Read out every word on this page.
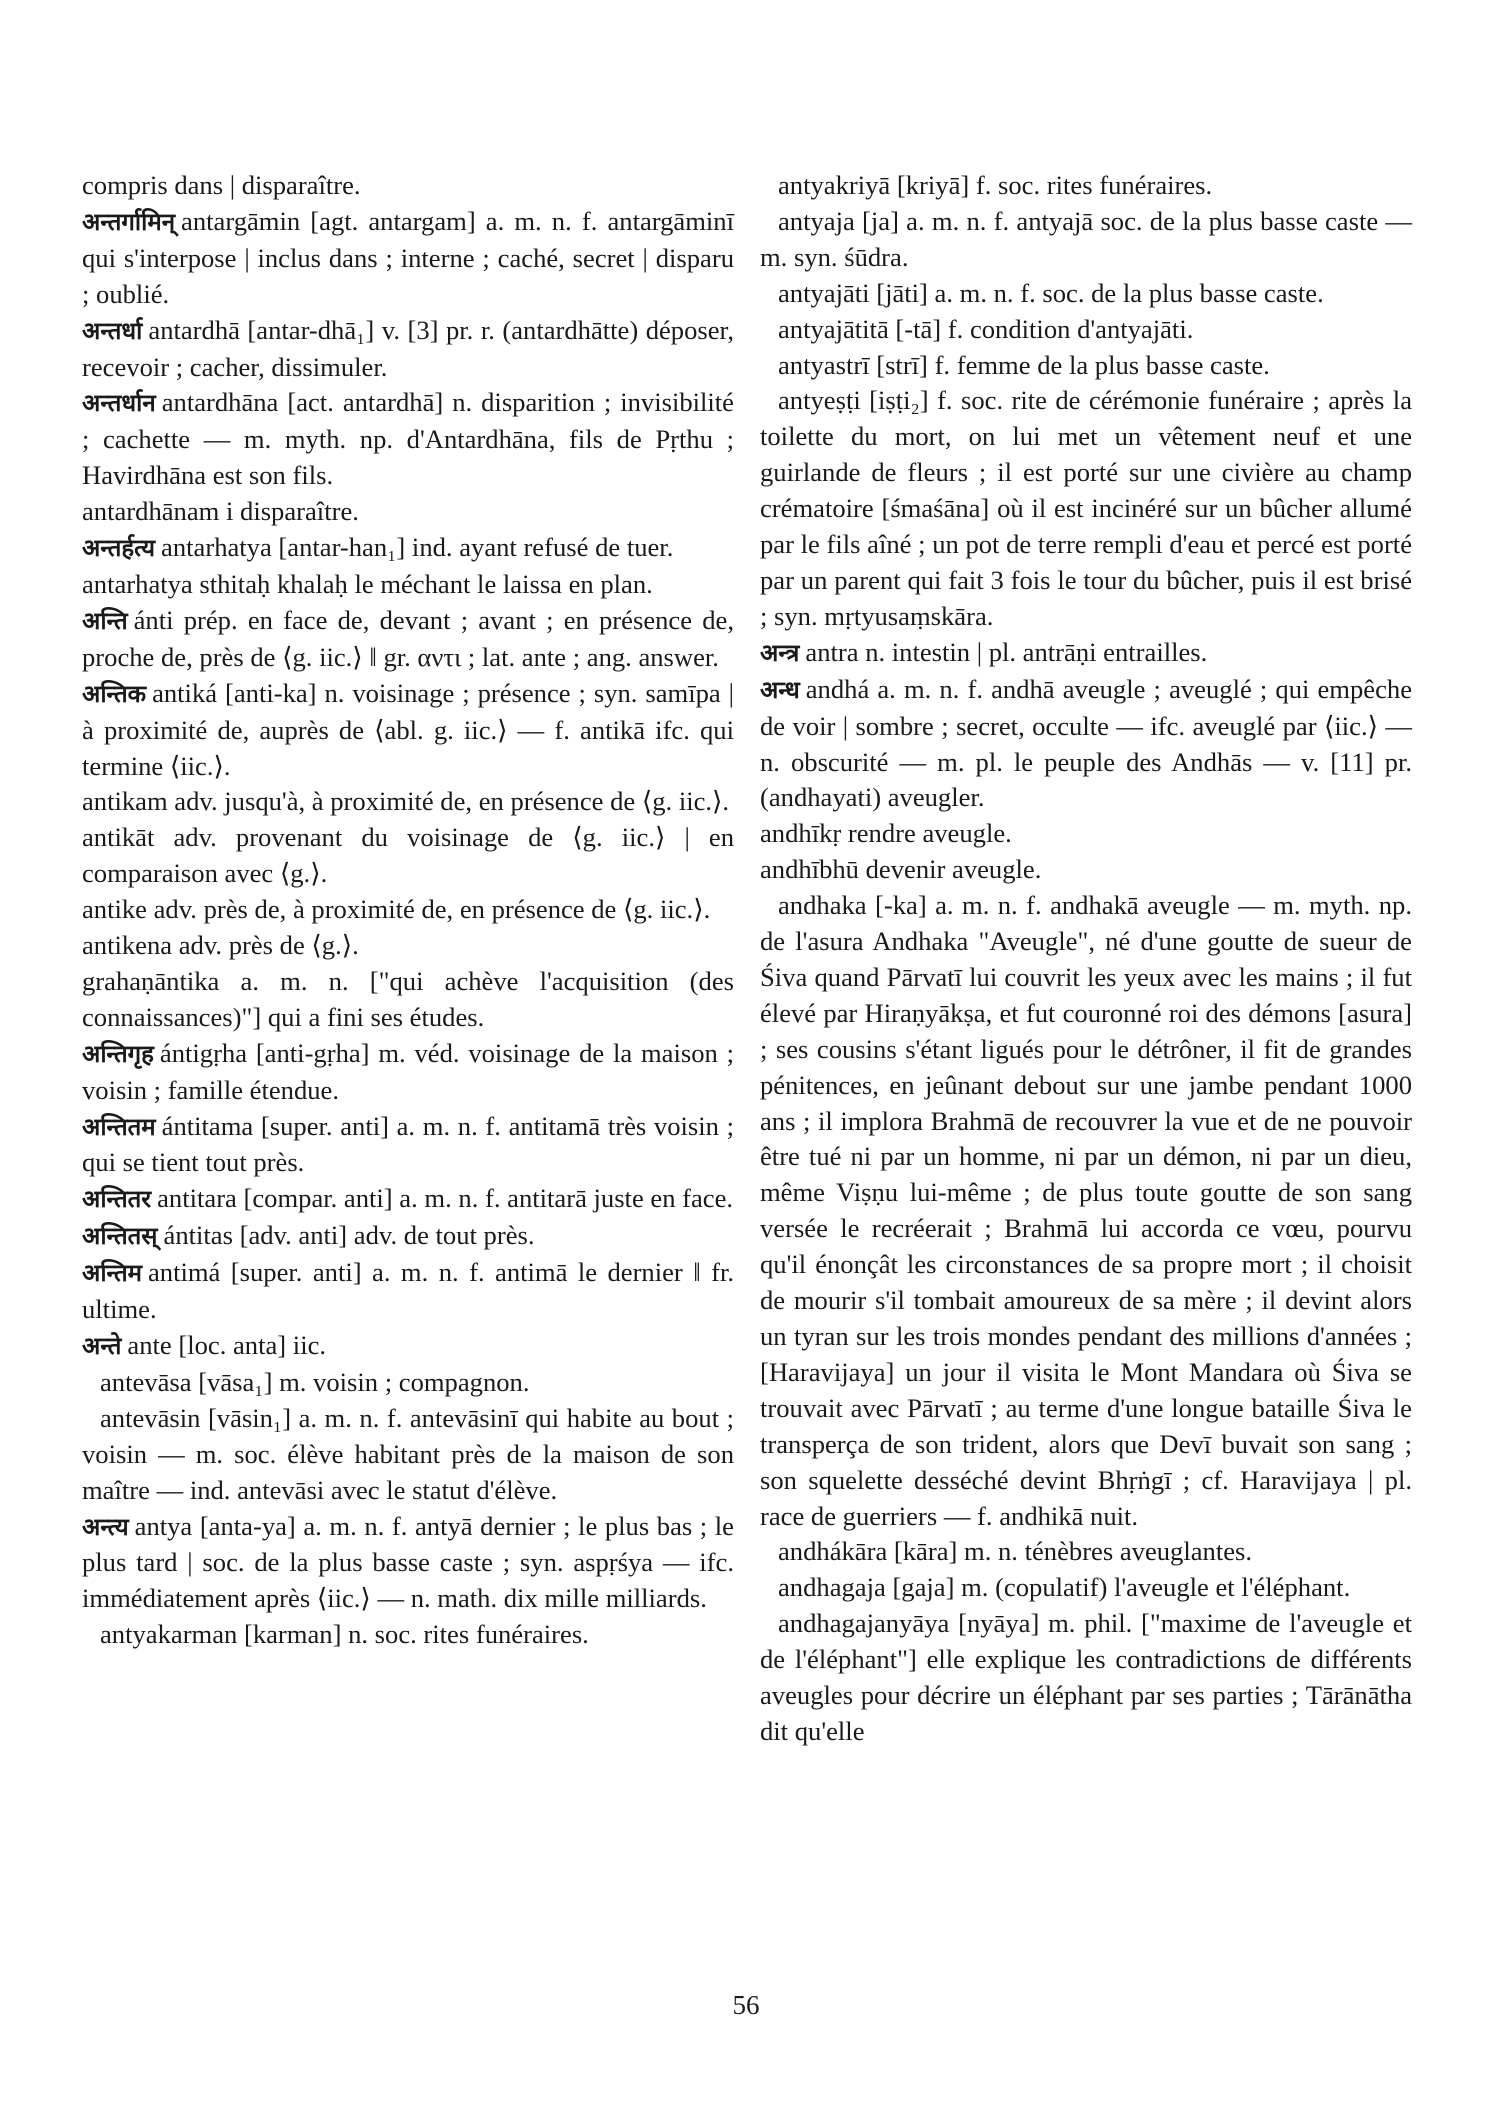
compris dans | disparaître.

अन्तर्गामिन् antargāmin [agt. antargam] a. m. n. f. antargāminī qui s'interpose | inclus dans ; interne ; caché, secret | disparu ; oublié.

अन्तर्धा antardhā [antar-dhā₁] v. [3] pr. r. (antardhātte) déposer, recevoir ; cacher, dissimuler.

अन्तर्धान antardhāna [act. antardhā] n. disparition ; invisibilité ; cachette — m. myth. np. d'Antardhāna, fils de Pṛthu ; Havirdhāna est son fils.

antardhānam i disparaître.

अन्तर्हत्य antarhatya [antar-han₁] ind. ayant refusé de tuer.

antarhatya sthitaḥ khalaḥ le méchant le laissa en plan.

अन्ति ánti prép. en face de, devant ; avant ; en présence de, proche de, près de ⟨g. iic.⟩ ‖ gr. αντι ; lat. ante ; ang. answer.

अन्तिक antiká [anti-ka] n. voisinage ; présence ; syn. samīpa | à proximité de, auprès de ⟨abl. g. iic.⟩ — f. antikā ifc. qui termine ⟨iic.⟩.

antikam adv. jusqu'à, à proximité de, en présence de ⟨g. iic.⟩.

antikāt adv. provenant du voisinage de ⟨g. iic.⟩ | en comparaison avec ⟨g.⟩.

antike adv. près de, à proximité de, en présence de ⟨g. iic.⟩.

antikena adv. près de ⟨g.⟩.

grahaṇāntika a. m. n. ["qui achève l'acquisition (des connaissances)"] qui a fini ses études.

अन्तिगृह ántigṛha [anti-gṛha] m. véd. voisinage de la maison ; voisin ; famille étendue.

अन्तितम ántitama [super. anti] a. m. n. f. antitamā très voisin ; qui se tient tout près.

अन्तितर antitara [compar. anti] a. m. n. f. antitarā juste en face.

अन्तितस् ántitas [adv. anti] adv. de tout près.

अन्तिम antimá [super. anti] a. m. n. f. antimā le dernier ‖ fr. ultime.

अन्ते ante [loc. anta] iic.

antevāsa [vāsa₁] m. voisin ; compagnon.

antevāsin [vāsin₁] a. m. n. f. antevāsinī qui habite au bout ; voisin — m. soc. élève habitant près de la maison de son maître — ind. antevāsi avec le statut d'élève.

अन्त्य antya [anta-ya] a. m. n. f. antyā dernier ; le plus bas ; le plus tard | soc. de la plus basse caste ; syn. aspṛśya — ifc. immédiatement après ⟨iic.⟩ — n. math. dix mille milliards.

antyakarman [karman] n. soc. rites funéraires.

antyakriyā [kriyā] f. soc. rites funéraires.

antyaja [ja] a. m. n. f. antyajā soc. de la plus basse caste — m. syn. śūdra.

antyajāti [jāti] a. m. n. f. soc. de la plus basse caste.

antyajātitā [-tā] f. condition d'antyajāti.

antyastrī [strī] f. femme de la plus basse caste.

antyeṣṭi [iṣṭi₂] f. soc. rite de cérémonie funéraire ; après la toilette du mort, on lui met un vêtement neuf et une guirlande de fleurs ; il est porté sur une civière au champ crématoire [śmaśāna] où il est incinéré sur un bûcher allumé par le fils aîné ; un pot de terre rempli d'eau et percé est porté par un parent qui fait 3 fois le tour du bûcher, puis il est brisé ; syn. mṛtyusaṃskāra.

अन्त्र antra n. intestin | pl. antrāṇi entrailles.

अन्ध andhá a. m. n. f. andhā aveugle ; aveuglé ; qui empêche de voir | sombre ; secret, occulte — ifc. aveuglé par ⟨iic.⟩ — n. obscurité — m. pl. le peuple des Andhās — v. [11] pr. (andhayati) aveugler.

andhīkṛ rendre aveugle.

andhībhū devenir aveugle.

andhaka [-ka] a. m. n. f. andhakā aveugle — m. myth. np. de l'asura Andhaka "Aveugle", né d'une goutte de sueur de Śiva quand Pārvatī lui couvrit les yeux avec les mains ; il fut élevé par Hiraṇyākṣa, et fut couronné roi des démons [asura] ; ses cousins s'étant ligués pour le détrôner, il fit de grandes pénitences, en jeûnant debout sur une jambe pendant 1000 ans ; il implora Brahmā de recouvrer la vue et de ne pouvoir être tué ni par un homme, ni par un démon, ni par un dieu, même Viṣṇu lui-même ; de plus toute goutte de son sang versée le recréerait ; Brahmā lui accorda ce vœu, pourvu qu'il énonçât les circonstances de sa propre mort ; il choisit de mourir s'il tombait amoureux de sa mère ; il devint alors un tyran sur les trois mondes pendant des millions d'années ; [Haravijaya] un jour il visita le Mont Mandara où Śiva se trouvait avec Pārvatī ; au terme d'une longue bataille Śiva le transperça de son trident, alors que Devī buvait son sang ; son squelette desséché devint Bhṛṅgī ; cf. Haravijaya | pl. race de guerriers — f. andhikā nuit.

andhákāra [kāra] m. n. ténèbres aveuglantes.

andhagaja [gaja] m. (copulatif) l'aveugle et l'éléphant.

andhagajanyāya [nyāya] m. phil. ["maxime de l'aveugle et de l'éléphant"] elle explique les contradictions de différents aveugles pour décrire un éléphant par ses parties ; Tārānātha dit qu'elle

56
